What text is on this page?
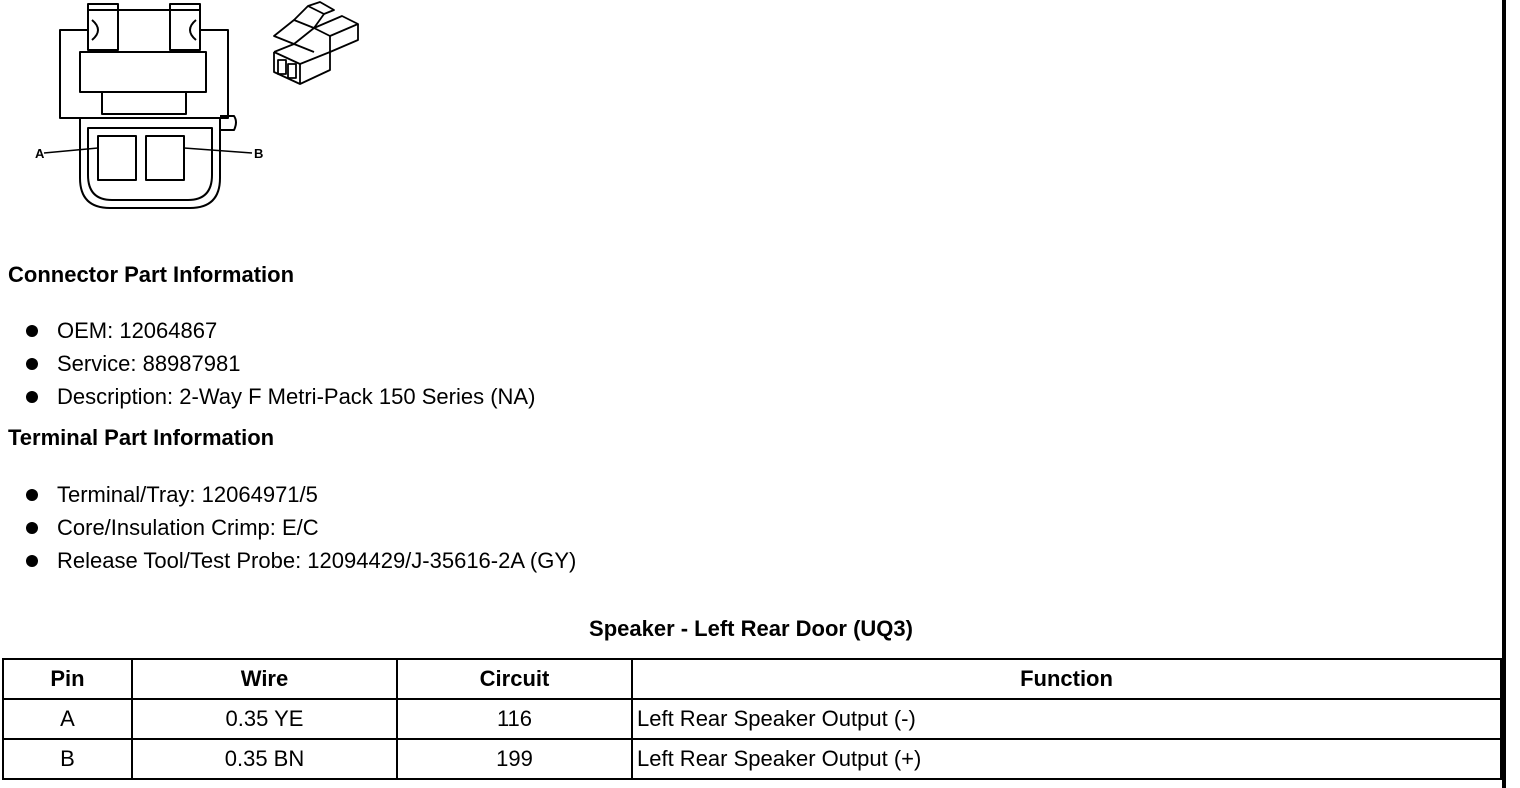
A	B
Connector Part Information
OEM: 12064867
Service: 88987981
Description: 2-Way F Metri-Pack 150 Series (NA)
Terminal Part Information
Terminal/Tray: 12064971/5
Core/Insulation Crimp: E/C
Release Tool/Test Probe: 12094429/J-35616-2A (GY)
Speaker - Left Rear Door (UQ3)
Pin	Wire	Circuit	Function
A	0.35 YE	116	Left Rear Speaker Output (-)
B	0.35 BN	199	Left Rear Speaker Output (+)
